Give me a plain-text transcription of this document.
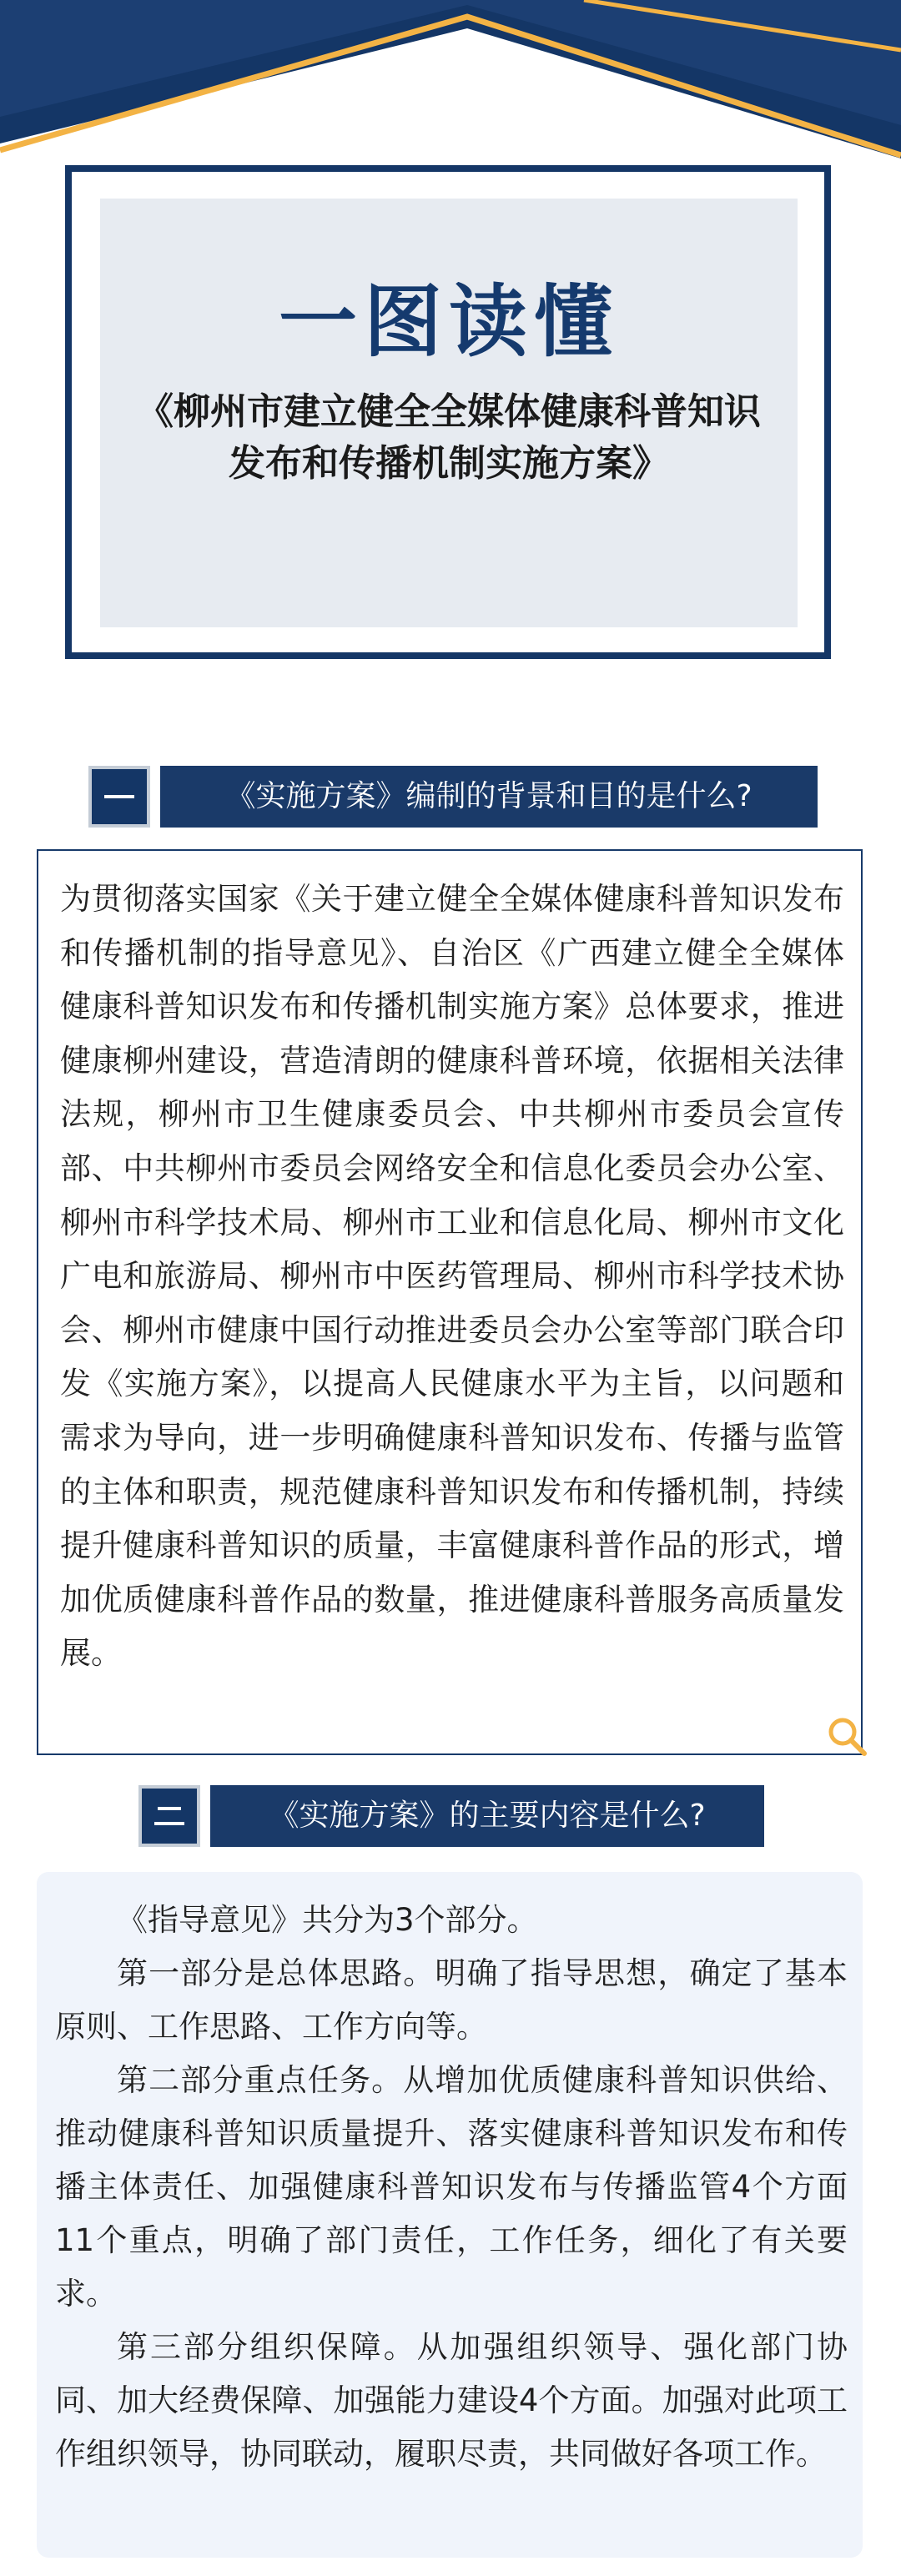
一图读懂
《柳州市建立健全全媒体健康科普知识
发布和传播机制实施方案》
《实施方案》编制的背景和目的是什么?
为贯彻落实国家《关于建立健全全媒体健康科普知识发布和传播机制的指导意见》、自治区《广西建立健全全媒体健康科普知识发布和传播机制实施方案》总体要求，推进健康柳州建设，营造清朗的健康科普环境，依据相关法律法规，柳州市卫生健康委员会、中共柳州市委员会宣传部、中共柳州市委员会网络安全和信息化委员会办公室、柳州市科学技术局、柳州市工业和信息化局、柳州市文化广电和旅游局、柳州市中医药管理局、柳州市科学技术协会、柳州市健康中国行动推进委员会办公室等部门联合印发《实施方案》，以提高人民健康水平为主旨，以问题和需求为导向，进一步明确健康科普知识发布、传播与监管的主体和职责，规范健康科普知识发布和传播机制，持续提升健康科普知识的质量，丰富健康科普作品的形式，增加优质健康科普作品的数量，推进健康科普服务高质量发展。
《实施方案》的主要内容是什么?

《指导意见》共分为3个部分。

第一部分是总体思路。明确了指导思想，确定了基本原则、工作思路、工作方向等。

第二部分重点任务。从增加优质健康科普知识供给、推动健康科普知识质量提升、落实健康科普知识发布和传播主体责任、加强健康科普知识发布与传播监管4个方面11个重点，明确了部门责任，工作任务，细化了有关要求。

第三部分组织保障。从加强组织领导、强化部门协同、加大经费保障、加强能力建设4个方面。加强对此项工作组织领导，协同联动，履职尽责，共同做好各项工作。
